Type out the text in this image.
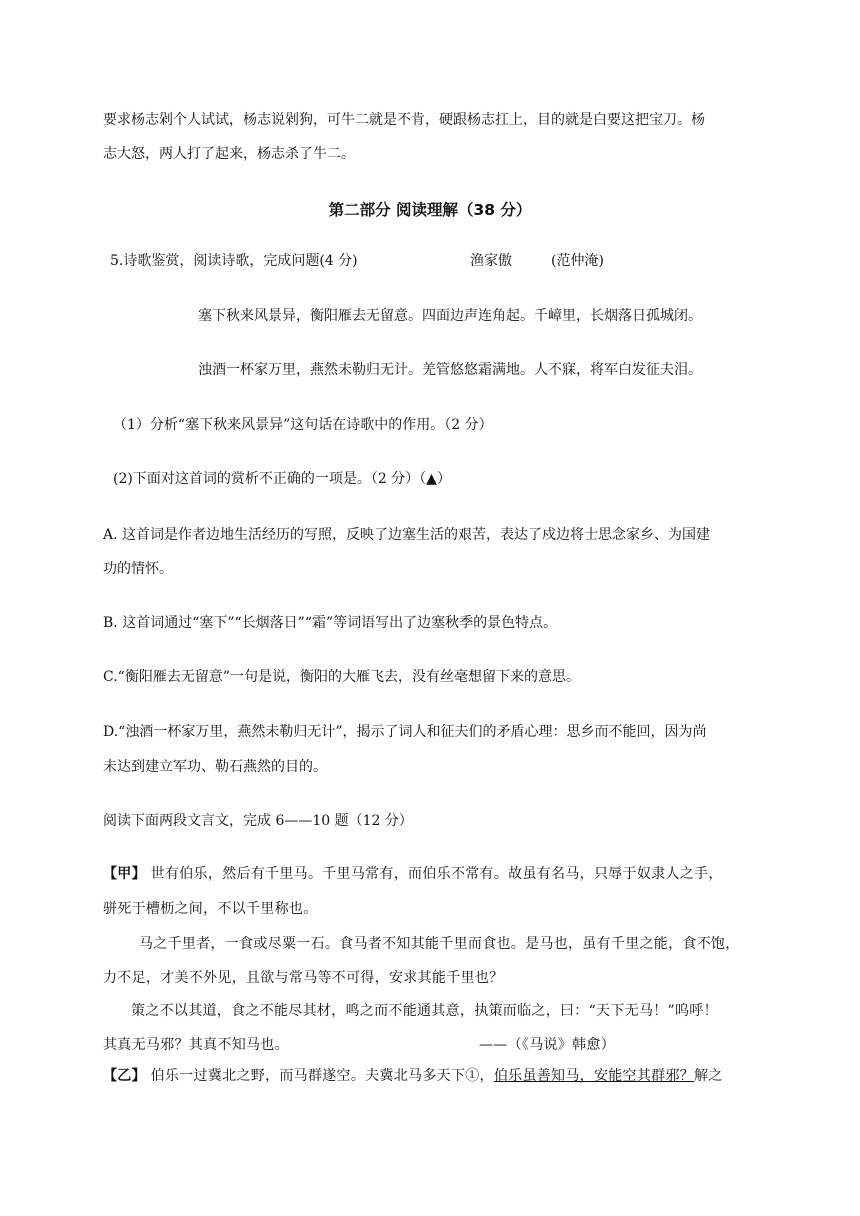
要求杨志剁个人试试，杨志说剁狗，可牛二就是不肯，硬跟杨志扛上，目的就是白要这把宝刀。杨
志大怒，两人打了起来，杨志杀了牛二。
第二部分 阅读理解（38 分）
5.诗歌鉴赏，阅读诗歌，完成问题(4 分)	渔家傲	(范仲淹)
塞下秋来风景异，衡阳雁去无留意。四面边声连角起。千嶂里，长烟落日孤城闭。
浊酒一杯家万里，燕然未勒归无计。羌管悠悠霜满地。人不寐，将军白发征夫泪。
（1）分析“塞下秋来风景异”这句话在诗歌中的作用。（2 分）
(2)下面对这首词的赏析不正确的一项是。（2 分）（▲）
A. 这首词是作者边地生活经历的写照，反映了边塞生活的艰苦，表达了戍边将士思念家乡、为国建
功的情怀。
B. 这首词通过“塞下”“长烟落日”“霜”等词语写出了边塞秋季的景色特点。
C.“衡阳雁去无留意”一句是说，衡阳的大雁飞去，没有丝毫想留下来的意思。
D.“浊酒一杯家万里，燕然未勒归无计”，揭示了词人和征夫们的矛盾心理：思乡而不能回，因为尚
未达到建立军功、勒石燕然的目的。
阅读下面两段文言文，完成 6——10 题（12 分）
【甲】 世有伯乐，然后有千里马。千里马常有，而伯乐不常有。故虽有名马，只辱于奴隶人之手，
骈死于槽枥之间，不以千里称也。
马之千里者，一食或尽粟一石。食马者不知其能千里而食也。是马也，虽有千里之能，食不饱，
力不足，才美不外见，且欲与常马等不可得，安求其能千里也？
策之不以其道，食之不能尽其材，鸣之而不能通其意，执策而临之，曰：“天下无马！”呜呼！
其真无马邪？其真不知马也。	——（《马说》韩愈）
【乙】 伯乐一过冀北之野，而马群遂空。夫冀北马多天下①，伯乐虽善知马，安能空其群邪？解之
